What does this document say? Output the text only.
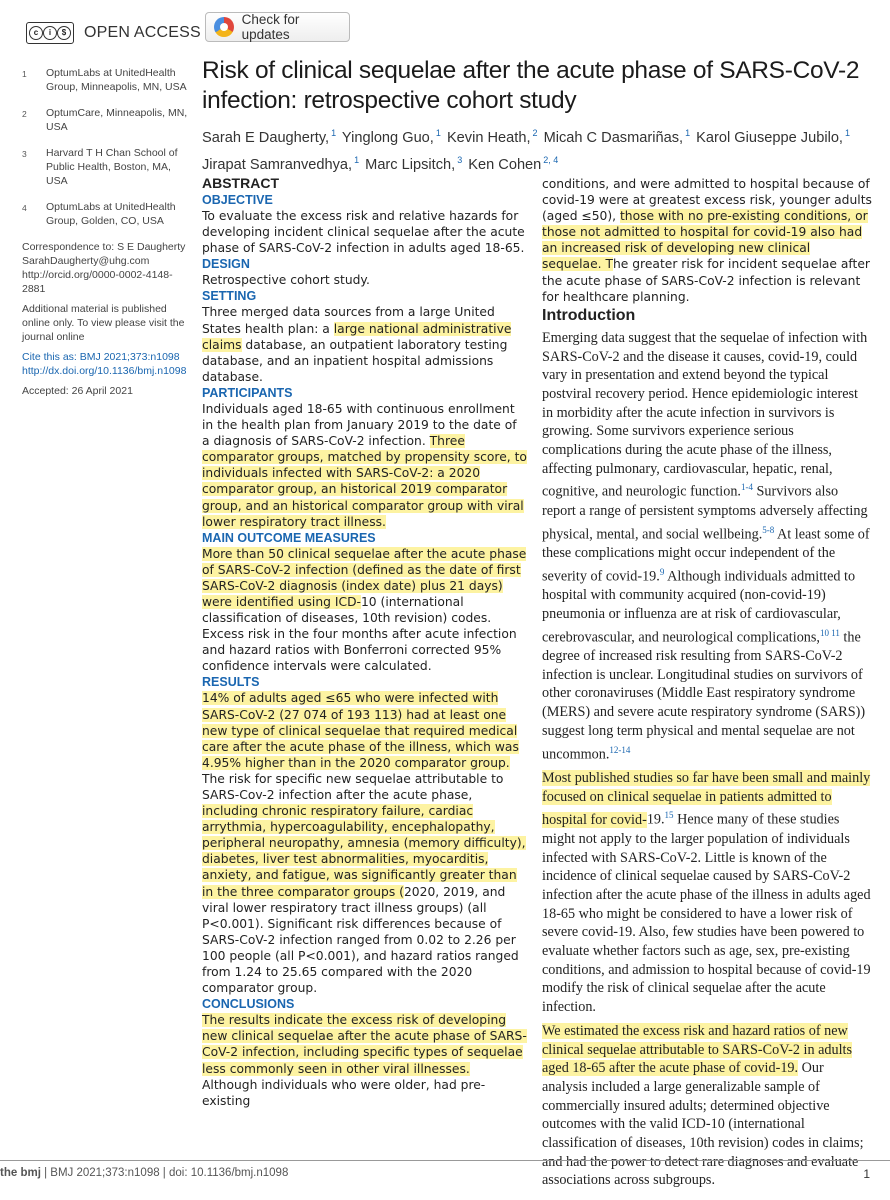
c	i	$ OPEN ACCESS
Check for updates
1	OptumLabs at UnitedHealth Group, Minneapolis, MN, USA
2	OptumCare, Minneapolis, MN, USA
3	Harvard T H Chan School of Public Health, Boston, MA, USA
4	OptumLabs at UnitedHealth Group, Golden, CO, USA
Correspondence to: S E Daugherty
SarahDaugherty@uhg.com
http://orcid.org/0000-0002-4148-2881
Additional material is published online only. To view please visit the journal online
Cite this as: BMJ 2021;373:n1098
http://dx.doi.org/10.1136/bmj.n1098
Accepted: 26 April 2021
Risk of clinical sequelae after the acute phase of SARS-CoV-2 infection: retrospective cohort study
Sarah E Daugherty, $^1$ Yinglong Guo, $^1$ Kevin Heath, $^2$ Micah C Dasmariñas, $^1$ Karol Giuseppe Jubilo, $^1$
Jirapat Samranvedhya, $^1$ Marc Lipsitch, $^3$ Ken Cohen $^{2, 4}$
ABSTRACT
OBJECTIVE

To evaluate the excess risk and relative hazards for developing incident clinical sequelae after the acute phase of SARS-CoV-2 infection in adults aged 18-65.

DESIGN

Retrospective cohort study.

SETTING

Three merged data sources from a large United States health plan: a large national administrative claims database, an outpatient laboratory testing database, and an inpatient hospital admissions database.

PARTICIPANTS

Individuals aged 18-65 with continuous enrollment in the health plan from January 2019 to the date of a diagnosis of SARS-CoV-2 infection. Three comparator groups, matched by propensity score, to individuals infected with SARS-CoV-2: a 2020 comparator group, an historical 2019 comparator group, and an historical comparator group with viral lower respiratory tract illness.

MAIN OUTCOME MEASURES

More than 50 clinical sequelae after the acute phase of SARS-CoV-2 infection (defined as the date of first SARS-CoV-2 diagnosis (index date) plus 21 days) were identified using ICD-10 (international classification of diseases, 10th revision) codes. Excess risk in the four months after acute infection and hazard ratios with Bonferroni corrected 95% confidence intervals were calculated.

RESULTS

14% of adults aged ≤65 who were infected with SARS-CoV-2 (27 074 of 193 113) had at least one new type of clinical sequelae that required medical care after the acute phase of the illness, which was 4.95% higher than in the 2020 comparator group. The risk for specific new sequelae attributable to SARS-Cov-2 infection after the acute phase, including chronic respiratory failure, cardiac arrythmia, hypercoagulability, encephalopathy, peripheral neuropathy, amnesia (memory difficulty), diabetes, liver test abnormalities, myocarditis, anxiety, and fatigue, was significantly greater than in the three comparator groups (2020, 2019, and viral lower respiratory tract illness groups) (all P<0.001). Significant risk differences because of SARS-CoV-2 infection ranged from 0.02 to 2.26 per 100 people (all P<0.001), and hazard ratios ranged from 1.24 to 25.65 compared with the 2020 comparator group.

CONCLUSIONS

The results indicate the excess risk of developing new clinical sequelae after the acute phase of SARS-CoV-2 infection, including specific types of sequelae less commonly seen in other viral illnesses. Although individuals who were older, had pre-existing

conditions, and were admitted to hospital because of covid-19 were at greatest excess risk, younger adults (aged ≤50), those with no pre-existing conditions, or those not admitted to hospital for covid-19 also had an increased risk of developing new clinical sequelae. The greater risk for incident sequelae after the acute phase of SARS-CoV-2 infection is relevant for healthcare planning.

Introduction

Emerging data suggest that the sequelae of infection with SARS-CoV-2 and the disease it causes, covid-19, could vary in presentation and extend beyond the typical postviral recovery period. Hence epidemiologic interest in morbidity after the acute infection in survivors is growing. Some survivors experience serious complications during the acute phase of the illness, affecting pulmonary, cardiovascular, hepatic, renal, cognitive, and neurologic function.$^{1-4}$ Survivors also report a range of persistent symptoms adversely affecting physical, mental, and social wellbeing.$^{5-8}$ At least some of these complications might occur independent of the severity of covid-19.$^9$ Although individuals admitted to hospital with community acquired (non-covid-19) pneumonia or influenza are at risk of cardiovascular, cerebrovascular, and neurological complications,$^{10 11}$ the degree of increased risk resulting from SARS-CoV-2 infection is unclear. Longitudinal studies on survivors of other coronaviruses (Middle East respiratory syndrome (MERS) and severe acute respiratory syndrome (SARS)) suggest long term physical and mental sequelae are not uncommon.$^{12-14}$

Most published studies so far have been small and mainly focused on clinical sequelae in patients admitted to hospital for covid-19.15 Hence many of these studies might not apply to the larger population of individuals infected with SARS-CoV-2. Little is known of the incidence of clinical sequelae caused by SARS-CoV-2 infection after the acute phase of the illness in adults aged 18-65 who might be considered to have a lower risk of severe covid-19. Also, few studies have been powered to evaluate whether factors such as age, sex, pre-existing conditions, and admission to hospital because of covid-19 modify the risk of clinical sequelae after the acute infection.

We estimated the excess risk and hazard ratios of new clinical sequelae attributable to SARS-CoV-2 in adults aged 18-65 after the acute phase of covid-19. Our analysis included a large generalizable sample of commercially insured adults; determined objective outcomes with the valid ICD-10 (international classification of diseases, 10th revision) codes in claims; and had the power to detect rare diagnoses and evaluate associations across subgroups.

the bmj | BMJ 2021;373:n1098 | doi: 10.1136/bmj.n1098	1
